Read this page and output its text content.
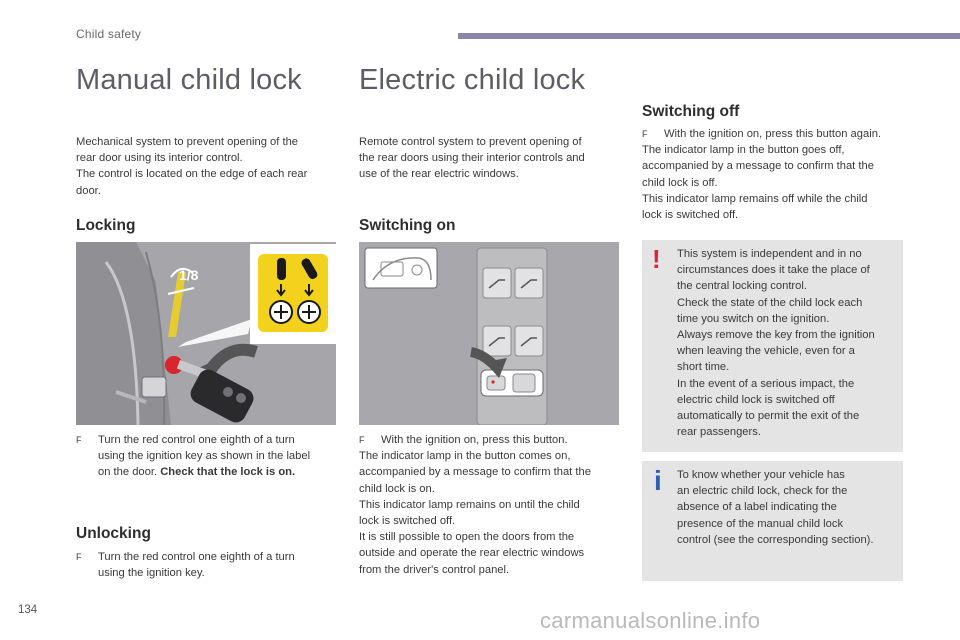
Child safety
Manual child lock Electric child lock
Mechanical system to prevent opening of the
rear door using its interior control.
The control is located on the edge of each rear
door.
Remote control system to prevent opening of
the rear doors using their interior controls and
use of the rear electric windows.
Switching off
F With the ignition on, press this button again.
The indicator lamp in the button goes off,
accompanied by a message to confirm that the
child lock is off.
This indicator lamp remains off while the child
lock is switched off.
Locking	Switching on
1/8
F Turn the red control one eighth of a turn
using the ignition key as shown in the label
on the door. Check that the lock is on.
F With the ignition on, press this button.
The indicator lamp in the button comes on,
accompanied by a message to confirm that the
child lock is on.
This indicator lamp remains on until the child
lock is switched off.
It is still possible to open the doors from the
outside and operate the rear electric windows
from the driver's control panel.
Unlocking
F Turn the red control one eighth of a turn
using the ignition key.
! This system is independent and in no
circumstances does it take the place of
the central locking control.
Check the state of the child lock each
time you switch on the ignition.
Always remove the key from the ignition
when leaving the vehicle, even for a
short time.
In the event of a serious impact, the
electric child lock is switched off
automatically to permit the exit of the
rear passengers.
i To know whether your vehicle has
an electric child lock, check for the
absence of a label indicating the
presence of the manual child lock
control (see the corresponding section).
134	carmanualsonline.info
